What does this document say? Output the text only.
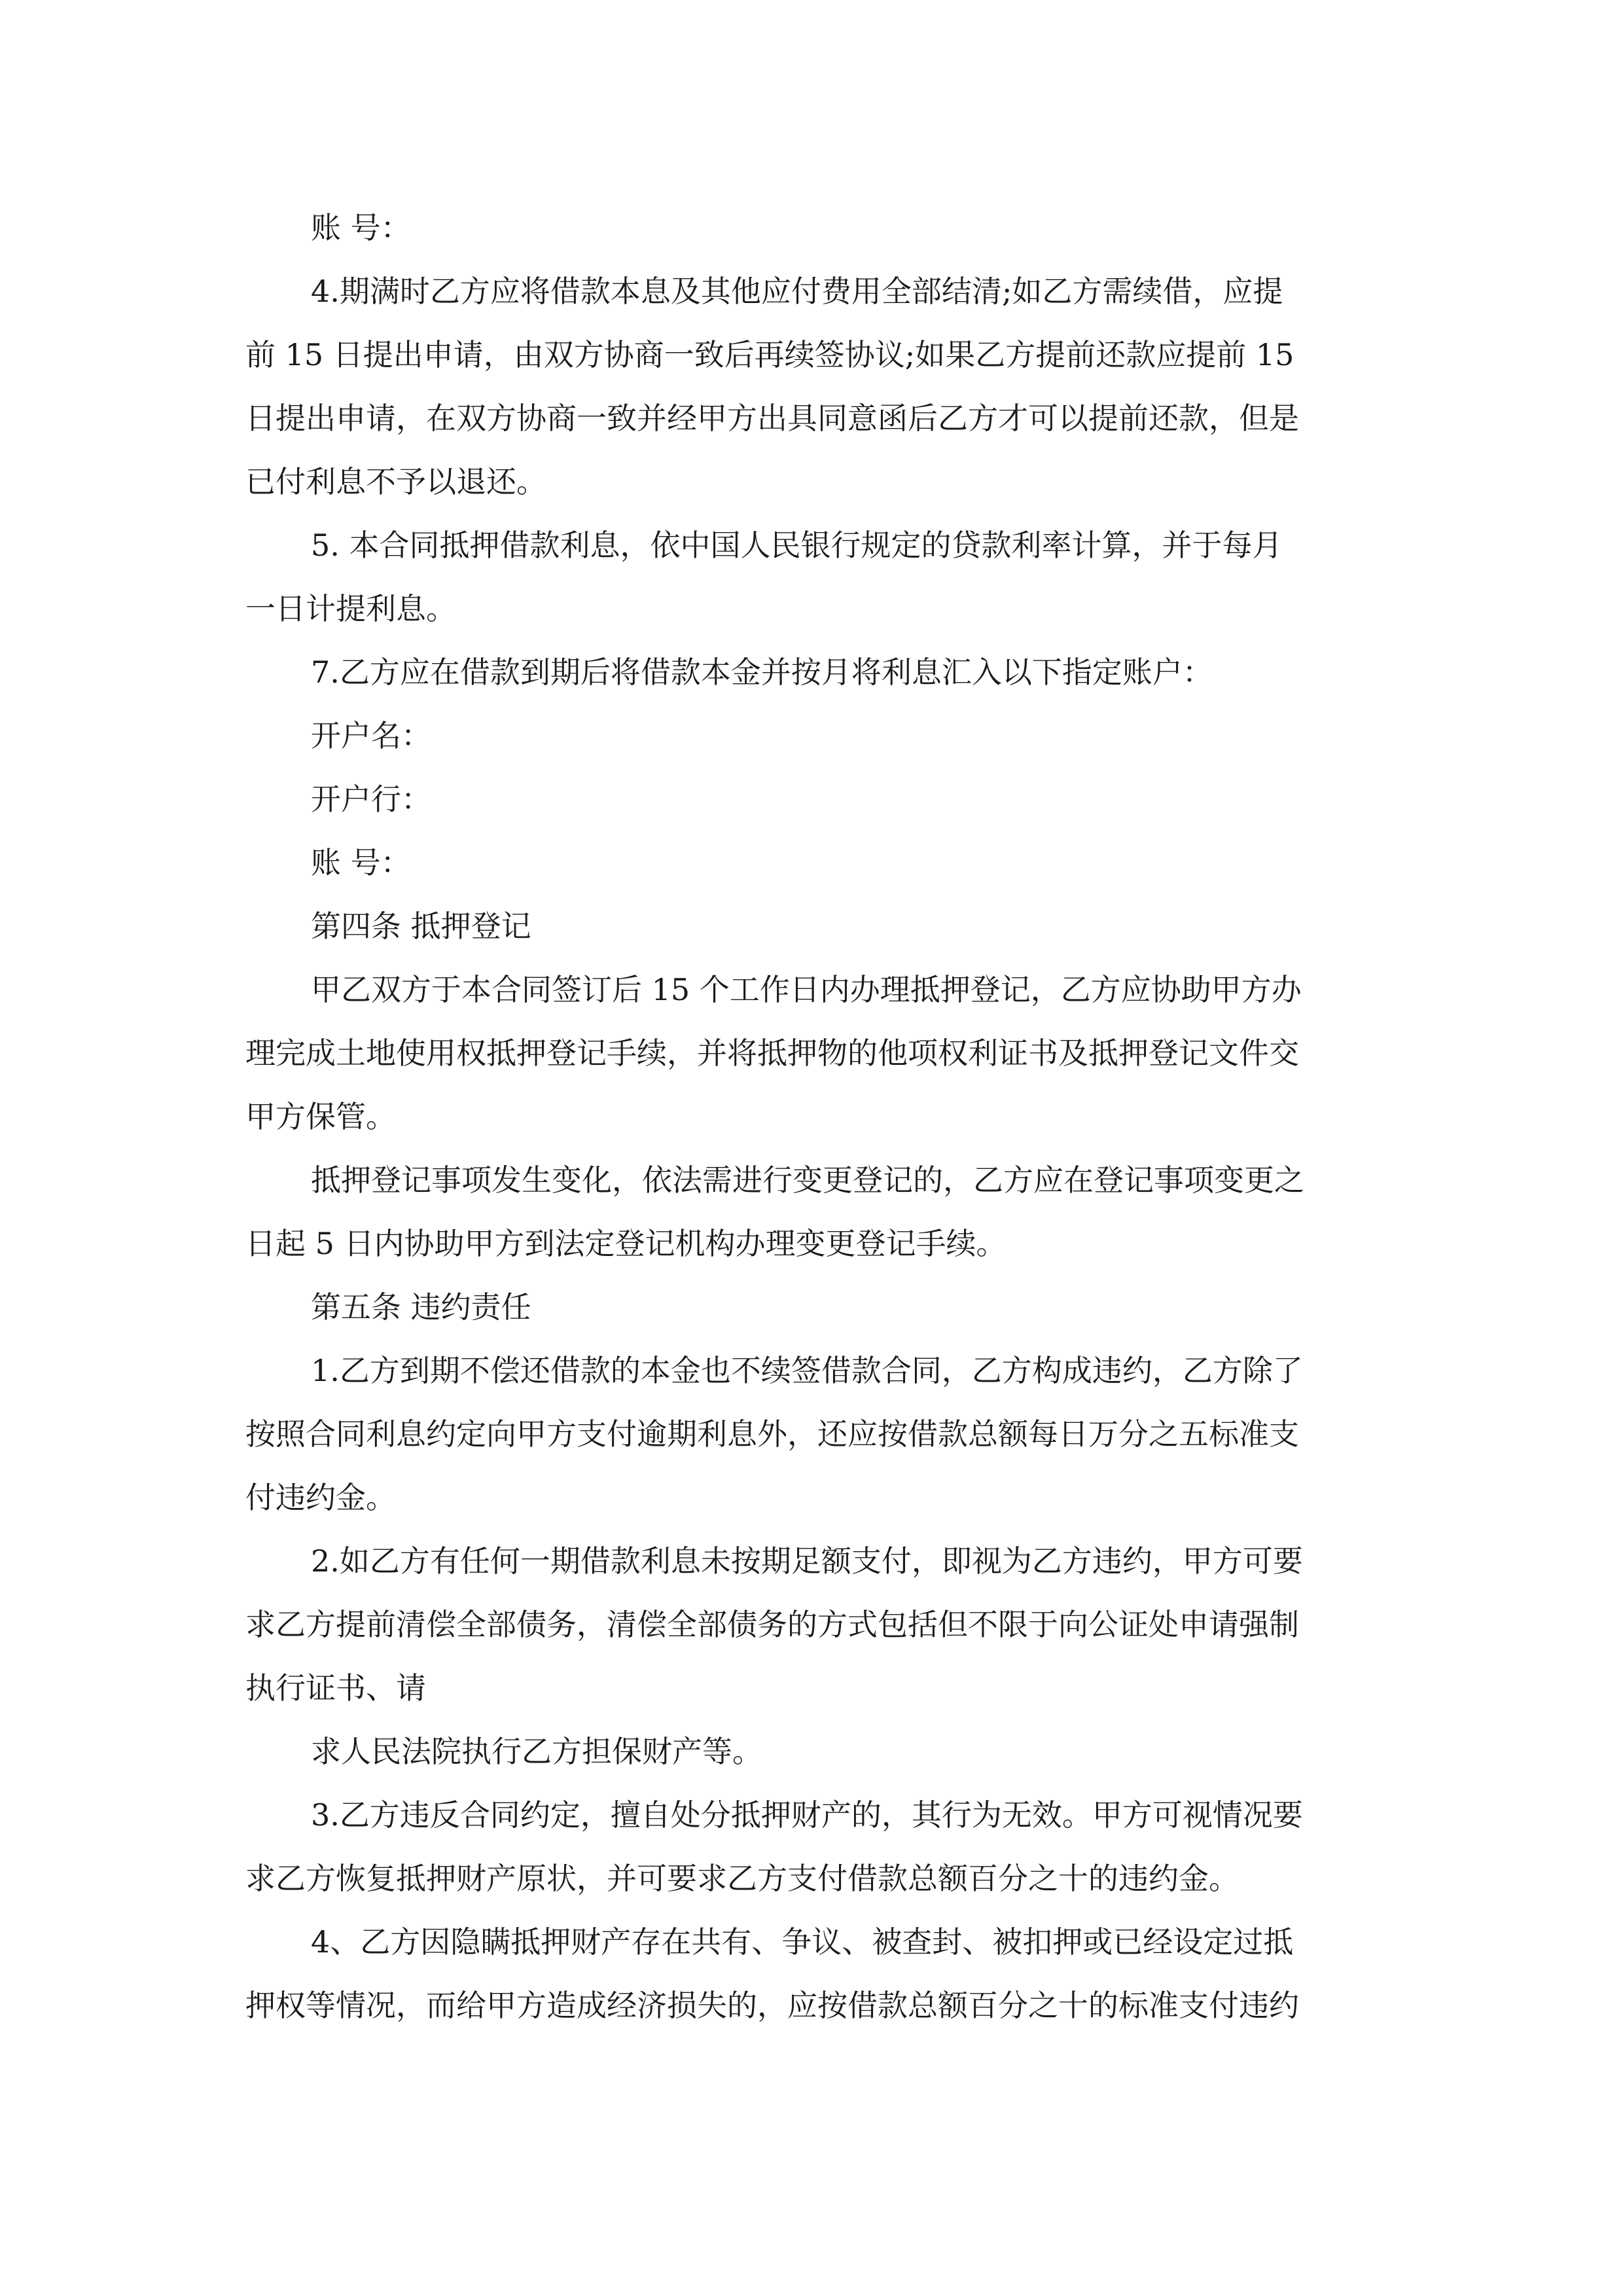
账 号：
4.期满时乙方应将借款本息及其他应付费用全部结清;如乙方需续借，应提
前 15 日提出申请，由双方协商一致后再续签协议;如果乙方提前还款应提前 15
日提出申请，在双方协商一致并经甲方出具同意函后乙方才可以提前还款，但是
已付利息不予以退还。
5. 本合同抵押借款利息，依中国人民银行规定的贷款利率计算，并于每月
一日计提利息。
7.乙方应在借款到期后将借款本金并按月将利息汇入以下指定账户：
开户名：
开户行：
账 号：
第四条 抵押登记
甲乙双方于本合同签订后 15 个工作日内办理抵押登记，乙方应协助甲方办
理完成土地使用权抵押登记手续，并将抵押物的他项权利证书及抵押登记文件交
甲方保管。
抵押登记事项发生变化，依法需进行变更登记的，乙方应在登记事项变更之
日起 5 日内协助甲方到法定登记机构办理变更登记手续。
第五条 违约责任
1.乙方到期不偿还借款的本金也不续签借款合同，乙方构成违约，乙方除了
按照合同利息约定向甲方支付逾期利息外，还应按借款总额每日万分之五标准支
付违约金。
2.如乙方有任何一期借款利息未按期足额支付，即视为乙方违约，甲方可要
求乙方提前清偿全部债务，清偿全部债务的方式包括但不限于向公证处申请强制
执行证书、请
求人民法院执行乙方担保财产等。
3.乙方违反合同约定，擅自处分抵押财产的，其行为无效。甲方可视情况要
求乙方恢复抵押财产原状，并可要求乙方支付借款总额百分之十的违约金。
4、乙方因隐瞒抵押财产存在共有、争议、被查封、被扣押或已经设定过抵
押权等情况，而给甲方造成经济损失的，应按借款总额百分之十的标准支付违约
